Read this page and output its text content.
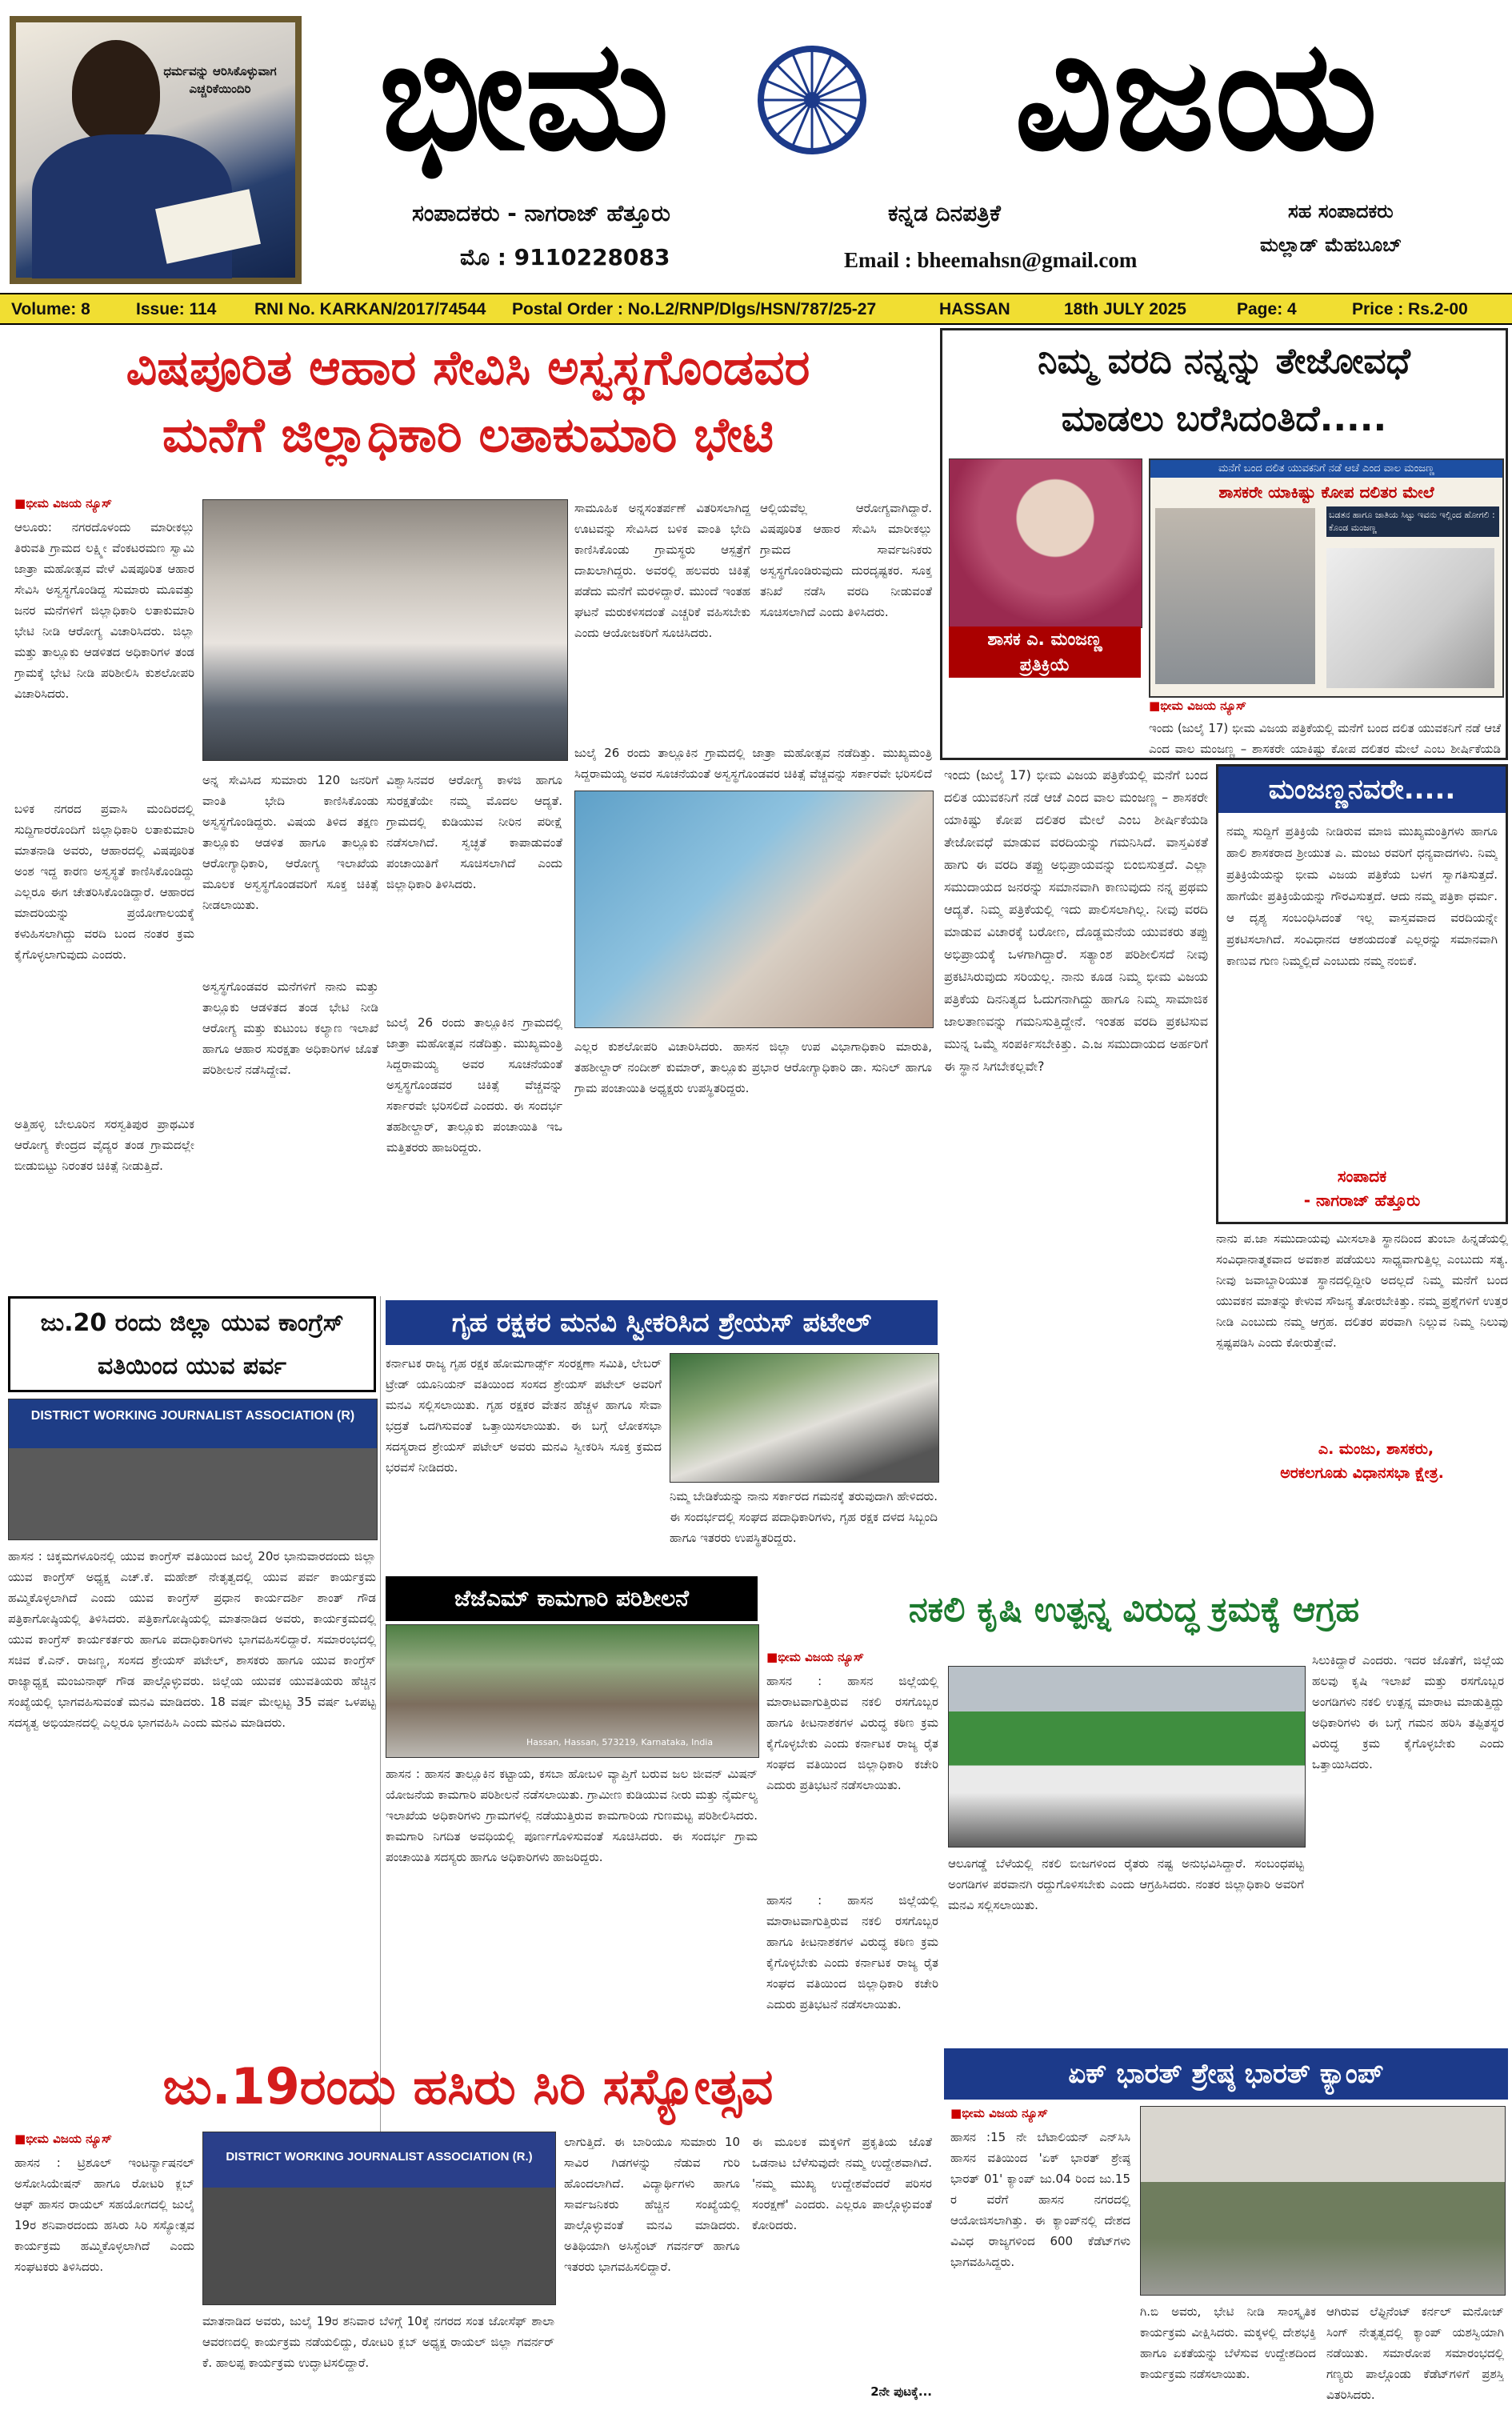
ಧರ್ಮವನ್ನು ಆರಿಸಿಕೊಳ್ಳುವಾಗ ಎಚ್ಚರಿಕೆಯಿಂದಿರಿ ಭೀಮ	ವಿಜಯ
ಸಂಪಾದಕರು - ನಾಗರಾಜ್ ಹೆತ್ತೂರು	ಕನ್ನಡ ದಿನಪತ್ರಿಕೆ	ಸಹ ಸಂಪಾದಕರು
ಮಲ್ಲಾಡ್ ಮೆಹಬೂಬ್
ಮೊ : 9110228083	Email : bheemahsn@gmail.com
Volume: 8	Issue: 114 RNI No. KARKAN/2017/74544 Postal Order : No.L2/RNP/Dlgs/HSN/787/25-27	HASSAN	18th JULY 2025	Page: 4	Price : Rs.2-00
ವಿಷಪೂರಿತ ಆಹಾರ ಸೇವಿಸಿ ಅಸ್ವಸ್ಥಗೊಂಡವರ
ಮನೆಗೆ ಜಿಲ್ಲಾಧಿಕಾರಿ ಲತಾಕುಮಾರಿ ಭೇಟಿ
■ ಭೀಮ ವಿಜಯ ನ್ಯೂಸ್
ಆಲೂರು: ನಗರದೊಳಂದು ಮಾರೀಕಲ್ಲು ತಿರುವತಿ ಗ್ರಾಮದ ಲಕ್ಷ್ಮೀ ವೆಂಕಟರಮಣ ಸ್ವಾಮಿ ಜಾತ್ರಾ ಮಹೋತ್ಸವ ವೇಳೆ ವಿಷಪೂರಿತ ಆಹಾರ ಸೇವಿಸಿ ಅಸ್ವಸ್ಥಗೊಂಡಿದ್ದ ಸುಮಾರು ಮೂವತ್ತು ಜನರ ಮನೆಗಳಿಗೆ ಜಿಲ್ಲಾಧಿಕಾರಿ ಲತಾಕುಮಾರಿ ಭೇಟಿ ನೀಡಿ ಆರೋಗ್ಯ ವಿಚಾರಿಸಿದರು. ಜಿಲ್ಲಾ ಮತ್ತು ತಾಲ್ಲೂಕು ಆಡಳಿತದ ಅಧಿಕಾರಿಗಳ ತಂಡ ಗ್ರಾಮಕ್ಕೆ ಭೇಟಿ ನೀಡಿ ಪರಿಶೀಲಿಸಿ ಕುಶಲೋಪರಿ ವಿಚಾರಿಸಿದರು.
ಬಳಿಕ ನಗರದ ಪ್ರವಾಸಿ ಮಂದಿರದಲ್ಲಿ ಸುದ್ದಿಗಾರರೊಂದಿಗೆ ಜಿಲ್ಲಾಧಿಕಾರಿ ಲತಾಕುಮಾರಿ ಮಾತನಾಡಿ ಅವರು, ಆಹಾರದಲ್ಲಿ ವಿಷಪೂರಿತ ಅಂಶ ಇದ್ದ ಕಾರಣ ಅಸ್ವಸ್ಥತೆ ಕಾಣಿಸಿಕೊಂಡಿದ್ದು ಎಲ್ಲರೂ ಈಗ ಚೇತರಿಸಿಕೊಂಡಿದ್ದಾರೆ. ಆಹಾರದ ಮಾದರಿಯನ್ನು ಪ್ರಯೋಗಾಲಯಕ್ಕೆ ಕಳುಹಿಸಲಾಗಿದ್ದು ವರದಿ ಬಂದ ನಂತರ ಕ್ರಮ ಕೈಗೊಳ್ಳಲಾಗುವುದು ಎಂದರು.
ಅತ್ತಿಹಳ್ಳಿ ಬೇಲೂರಿನ ಸರಸ್ವತಿಪುರ ಪ್ರಾಥಮಿಕ ಆರೋಗ್ಯ ಕೇಂದ್ರದ ವೈದ್ಯರ ತಂಡ ಗ್ರಾಮದಲ್ಲೇ ಬೀಡುಬಿಟ್ಟು ನಿರಂತರ ಚಿಕಿತ್ಸೆ ನೀಡುತ್ತಿದೆ.
ಸಾಮೂಹಿಕ ಅನ್ನಸಂತರ್ಪಣೆ ವಿತರಿಸಲಾಗಿದ್ದ ಊಟವನ್ನು ಸೇವಿಸಿದ ಬಳಿಕ ವಾಂತಿ ಭೇದಿ ಕಾಣಿಸಿಕೊಂಡು ಗ್ರಾಮಸ್ಥರು ಆಸ್ಪತ್ರೆಗೆ ದಾಖಲಾಗಿದ್ದರು. ಅವರಲ್ಲಿ ಹಲವರು ಚಿಕಿತ್ಸೆ ಪಡೆದು ಮನೆಗೆ ಮರಳಿದ್ದಾರೆ. ಮುಂದೆ ಇಂತಹ ಘಟನೆ ಮರುಕಳಿಸದಂತೆ ಎಚ್ಚರಿಕೆ ವಹಿಸಬೇಕು ಎಂದು ಆಯೋಜಕರಿಗೆ ಸೂಚಿಸಿದರು.
ಆಲ್ಲಿಯವೆಲ್ಲ ಆರೋಗ್ಯವಾಗಿದ್ದಾರೆ. ವಿಷಪೂರಿತ ಆಹಾರ ಸೇವಿಸಿ ಮಾರೀಕಲ್ಲು ಗ್ರಾಮದ ಸಾರ್ವಜನಿಕರು ಅಸ್ವಸ್ಥಗೊಂಡಿರುವುದು ದುರದೃಷ್ಟಕರ. ಸೂಕ್ತ ತನಿಖೆ ನಡೆಸಿ ವರದಿ ನೀಡುವಂತೆ ಸೂಚಿಸಲಾಗಿದೆ ಎಂದು ತಿಳಿಸಿದರು.
ಅನ್ನ ಸೇವಿಸಿದ ಸುಮಾರು 120 ಜನರಿಗೆ ವಾಂತಿ ಭೇದಿ ಕಾಣಿಸಿಕೊಂಡು ಅಸ್ವಸ್ಥಗೊಂಡಿದ್ದರು. ವಿಷಯ ತಿಳಿದ ತಕ್ಷಣ ತಾಲ್ಲೂಕು ಆಡಳಿತ ಹಾಗೂ ತಾಲ್ಲೂಕು ಆರೋಗ್ಯಾಧಿಕಾರಿ, ಆರೋಗ್ಯ ಇಲಾಖೆಯ ಮೂಲಕ ಅಸ್ವಸ್ಥಗೊಂಡವರಿಗೆ ಸೂಕ್ತ ಚಿಕಿತ್ಸೆ ನೀಡಲಾಯಿತು.
ಅಸ್ವಸ್ಥಗೊಂಡವರ ಮನೆಗಳಿಗೆ ನಾನು ಮತ್ತು ತಾಲ್ಲೂಕು ಆಡಳಿತದ ತಂಡ ಭೇಟಿ ನೀಡಿ ಆರೋಗ್ಯ ಮತ್ತು ಕುಟುಂಬ ಕಲ್ಯಾಣ ಇಲಾಖೆ ಹಾಗೂ ಆಹಾರ ಸುರಕ್ಷತಾ ಅಧಿಕಾರಿಗಳ ಜೊತೆ ಪರಿಶೀಲನೆ ನಡೆಸಿದ್ದೇವೆ.
ವಿಶ್ವಾಸಿನವರ ಆರೋಗ್ಯ ಕಾಳಜಿ ಹಾಗೂ ಸುರಕ್ಷತೆಯೇ ನಮ್ಮ ಮೊದಲ ಆದ್ಯತೆ. ಗ್ರಾಮದಲ್ಲಿ ಕುಡಿಯುವ ನೀರಿನ ಪರೀಕ್ಷೆ ನಡೆಸಲಾಗಿದೆ. ಸ್ವಚ್ಛತೆ ಕಾಪಾಡುವಂತೆ ಪಂಚಾಯಿತಿಗೆ ಸೂಚಿಸಲಾಗಿದೆ ಎಂದು ಜಿಲ್ಲಾಧಿಕಾರಿ ತಿಳಿಸಿದರು.
ಜುಲೈ 26 ರಂದು ತಾಲ್ಲೂಕಿನ ಗ್ರಾಮದಲ್ಲಿ ಜಾತ್ರಾ ಮಹೋತ್ಸವ ನಡೆದಿತ್ತು. ಮುಖ್ಯಮಂತ್ರಿ ಸಿದ್ದರಾಮಯ್ಯ ಅವರ ಸೂಚನೆಯಂತೆ ಅಸ್ವಸ್ಥಗೊಂಡವರ ಚಿಕಿತ್ಸೆ ವೆಚ್ಚವನ್ನು ಸರ್ಕಾರವೇ ಭರಿಸಲಿದೆ ಎಂದರು. ಈ ಸಂದರ್ಭ ತಹಶೀಲ್ದಾರ್, ತಾಲ್ಲೂಕು ಪಂಚಾಯಿತಿ ಇಒ ಮತ್ತಿತರರು ಹಾಜರಿದ್ದರು.
ಜುಲೈ 26 ರಂದು ತಾಲ್ಲೂಕಿನ ಗ್ರಾಮದಲ್ಲಿ ಜಾತ್ರಾ ಮಹೋತ್ಸವ ನಡೆದಿತ್ತು. ಮುಖ್ಯಮಂತ್ರಿ ಸಿದ್ದರಾಮಯ್ಯ ಅವರ ಸೂಚನೆಯಂತೆ ಅಸ್ವಸ್ಥಗೊಂಡವರ ಚಿಕಿತ್ಸೆ ವೆಚ್ಚವನ್ನು ಸರ್ಕಾರವೇ ಭರಿಸಲಿದೆ
ಎಲ್ಲರ ಕುಶಲೋಪರಿ ವಿಚಾರಿಸಿದರು. ಹಾಸನ ಜಿಲ್ಲಾ ಉಪ ವಿಭಾಗಾಧಿಕಾರಿ ಮಾರುತಿ, ತಹಶೀಲ್ದಾರ್ ನಂದೀಶ್ ಕುಮಾರ್, ತಾಲ್ಲೂಕು ಪ್ರಭಾರ ಆರೋಗ್ಯಾಧಿಕಾರಿ ಡಾ. ಸುನಿಲ್ ಹಾಗೂ ಗ್ರಾಮ ಪಂಚಾಯಿತಿ ಅಧ್ಯಕ್ಷರು ಉಪಸ್ಥಿತರಿದ್ದರು.
ನಿಮ್ಮ ವರದಿ ನನ್ನನ್ನು ತೇಜೋವಧೆ
ಮಾಡಲು ಬರೆಸಿದಂತಿದೆ.....
ಶಾಸಕ ಎ. ಮಂಜಣ್ಣ
ಪ್ರತಿಕ್ರಿಯೆ
ಮನೆಗೆ ಬಂದ ದಲಿತ ಯುವಕನಿಗೆ ನಡೆ ಆಚೆ ಎಂದ ವಾಲ ಮಂಜಣ್ಣ
ಶಾಸಕರೇ ಯಾಕಿಷ್ಟು ಕೋಪ ದಲಿತರ ಮೇಲೆ
ಬಡತನ ಹಾಗೂ ಜಾತಿಯ ಸಿಟ್ಟು ಇವನು ಇಲ್ಲಿಂದ ಹೋಗಲಿ : ಕೊಂಡ ಮಂಜಣ್ಣ
■ ಭೀಮ ವಿಜಯ ನ್ಯೂಸ್
ಇಂದು (ಜುಲೈ 17) ಭೀಮ ವಿಜಯ ಪತ್ರಿಕೆಯಲ್ಲಿ ಮನೆಗೆ ಬಂದ ದಲಿತ ಯುವಕನಿಗೆ ನಡೆ ಆಚೆ ಎಂದ ವಾಲ ಮಂಜಣ್ಣ – ಶಾಸಕರೇ ಯಾಕಿಷ್ಟು ಕೋಪ ದಲಿತರ ಮೇಲೆ ಎಂಬ ಶೀರ್ಷಿಕೆಯಡಿ
ಇಂದು (ಜುಲೈ 17) ಭೀಮ ವಿಜಯ ಪತ್ರಿಕೆಯಲ್ಲಿ ಮನೆಗೆ ಬಂದ ದಲಿತ ಯುವಕನಿಗೆ ನಡೆ ಆಚೆ ಎಂದ ವಾಲ ಮಂಜಣ್ಣ – ಶಾಸಕರೇ ಯಾಕಿಷ್ಟು ಕೋಪ ದಲಿತರ ಮೇಲೆ ಎಂಬ ಶೀರ್ಷಿಕೆಯಡಿ ತೇಜೋವಧೆ ಮಾಡುವ ವರದಿಯನ್ನು ಗಮನಿಸಿದೆ. ವಾಸ್ತವಿಕತೆ ಹಾಗು ಈ ವರದಿ ತಪ್ಪು ಅಭಿಪ್ರಾಯವನ್ನು ಬಿಂಬಿಸುತ್ತದೆ. ಎಲ್ಲಾ ಸಮುದಾಯದ ಜನರನ್ನು ಸಮಾನವಾಗಿ ಕಾಣುವುದು ನನ್ನ ಪ್ರಥಮ ಆದ್ಯತೆ. ನಿಮ್ಮ ಪತ್ರಿಕೆಯಲ್ಲಿ ಇದು ಪಾಲಿಸಲಾಗಿಲ್ಲ. ನೀವು ವರದಿ ಮಾಡುವ ವಿಚಾರಕ್ಕೆ ಬರೋಣ, ದೊಡ್ಡಮನೆಯ ಯುವಕರು ತಪ್ಪು ಅಭಿಪ್ರಾಯಕ್ಕೆ ಒಳಗಾಗಿದ್ದಾರೆ. ಸತ್ಯಾಂಶ ಪರಿಶೀಲಿಸದೆ ನೀವು ಪ್ರಕಟಿಸಿರುವುದು ಸರಿಯಲ್ಲ. ನಾನು ಕೂಡ ನಿಮ್ಮ ಭೀಮ ವಿಜಯ ಪತ್ರಿಕೆಯ ದಿನನಿತ್ಯದ ಓದುಗನಾಗಿದ್ದು ಹಾಗೂ ನಿಮ್ಮ ಸಾಮಾಜಿಕ ಜಾಲತಾಣವನ್ನು ಗಮನಿಸುತ್ತಿದ್ದೇನೆ. ಇಂತಹ ವರದಿ ಪ್ರಕಟಿಸುವ ಮುನ್ನ ಒಮ್ಮೆ ಸಂಪರ್ಕಿಸಬೇಕಿತ್ತು. ಎ.ಜ ಸಮುದಾಯದ ಅರ್ಹರಿಗೆ ಈ ಸ್ಥಾನ ಸಿಗಬೇಕಲ್ಲವೇ?
ಮಂಜಣ್ಣನವರೇ.....
ನಮ್ಮ ಸುದ್ದಿಗೆ ಪ್ರತಿಕ್ರಿಯೆ ನೀಡಿರುವ ಮಾಜಿ ಮುಖ್ಯಮಂತ್ರಿಗಳು ಹಾಗೂ ಹಾಲಿ ಶಾಸಕರಾದ ಶ್ರೀಯುತ ಎ. ಮಂಜು ರವರಿಗೆ ಧನ್ಯವಾದಗಳು. ನಿಮ್ಮ ಪ್ರತಿಕ್ರಿಯೆಯನ್ನು ಭೀಮ ವಿಜಯ ಪತ್ರಿಕೆಯ ಬಳಗ ಸ್ವಾಗತಿಸುತ್ತದೆ. ಹಾಗೆಯೇ ಪ್ರತಿಕ್ರಿಯೆಯನ್ನು ಗೌರವಿಸುತ್ತದೆ. ಆದು ನಮ್ಮ ಪತ್ರಿಕಾ ಧರ್ಮ. ಆ ದೃಶ್ಯ ಸಂಬಂಧಿಸಿದಂತೆ ಇಲ್ಲ ವಾಸ್ತವವಾದ ವರದಿಯನ್ನೇ ಪ್ರಕಟಿಸಲಾಗಿದೆ. ಸಂವಿಧಾನದ ಆಶಯದಂತೆ ಎಲ್ಲರನ್ನು ಸಮಾನವಾಗಿ ಕಾಣುವ ಗುಣ ನಿಮ್ಮಲ್ಲಿದೆ ಎಂಬುದು ನಮ್ಮ ನಂಬಿಕೆ.
ಸಂಪಾದಕ
- ನಾಗರಾಜ್ ಹೆತ್ತೂರು
ನಾನು ಪ.ಜಾ ಸಮುದಾಯವು ಮೀಸಲಾತಿ ಸ್ಥಾನದಿಂದ ತುಂಬಾ ಹಿನ್ನಡೆಯಲ್ಲಿ ಸಂವಿಧಾನಾತ್ಮಕವಾದ ಅವಕಾಶ ಪಡೆಯಲು ಸಾಧ್ಯವಾಗುತ್ತಿಲ್ಲ ಎಂಬುದು ಸತ್ಯ. ನೀವು ಜವಾಬ್ದಾರಿಯುತ ಸ್ಥಾನದಲ್ಲಿದ್ದೀರಿ ಅದಲ್ಲದೆ ನಿಮ್ಮ ಮನೆಗೆ ಬಂದ ಯುವಕನ ಮಾತನ್ನು ಕೇಳುವ ಸೌಜನ್ಯ ತೋರಬೇಕಿತ್ತು. ನಮ್ಮ ಪ್ರಶ್ನೆಗಳಿಗೆ ಉತ್ತರ ನೀಡಿ ಎಂಬುದು ನಮ್ಮ ಆಗ್ರಹ. ದಲಿತರ ಪರವಾಗಿ ನಿಲ್ಲುವ ನಿಮ್ಮ ನಿಲುವು ಸ್ಪಷ್ಟಪಡಿಸಿ ಎಂದು ಕೋರುತ್ತೇವೆ.
ಎ. ಮಂಜು, ಶಾಸಕರು,
ಅರಕಲಗೂಡು ವಿಧಾನಸಭಾ ಕ್ಷೇತ್ರ.
ಜು.20 ರಂದು ಜಿಲ್ಲಾ ಯುವ ಕಾಂಗ್ರೆಸ್
ವತಿಯಿಂದ ಯುವ ಪರ್ವ
DISTRICT WORKING JOURNALIST ASSOCIATION (R)
ಹಾಸನ : ಚಿಕ್ಕಮಗಳೂರಿನಲ್ಲಿ ಯುವ ಕಾಂಗ್ರೆಸ್ ವತಿಯಿಂದ ಜುಲೈ 20ರ ಭಾನುವಾರದಂದು ಜಿಲ್ಲಾ ಯುವ ಕಾಂಗ್ರೆಸ್ ಅಧ್ಯಕ್ಷ ಎಚ್.ಕೆ. ಮಹೇಶ್ ನೇತೃತ್ವದಲ್ಲಿ ಯುವ ಪರ್ವ ಕಾರ್ಯಕ್ರಮ ಹಮ್ಮಿಕೊಳ್ಳಲಾಗಿದೆ ಎಂದು ಯುವ ಕಾಂಗ್ರೆಸ್ ಪ್ರಧಾನ ಕಾರ್ಯದರ್ಶಿ ಶಾಂತ್ ಗೌಡ ಪತ್ರಿಕಾಗೋಷ್ಠಿಯಲ್ಲಿ ತಿಳಿಸಿದರು. ಪತ್ರಿಕಾಗೋಷ್ಠಿಯಲ್ಲಿ ಮಾತನಾಡಿದ ಅವರು, ಕಾರ್ಯಕ್ರಮದಲ್ಲಿ ಯುವ ಕಾಂಗ್ರೆಸ್ ಕಾರ್ಯಕರ್ತರು ಹಾಗೂ ಪದಾಧಿಕಾರಿಗಳು ಭಾಗವಹಿಸಲಿದ್ದಾರೆ. ಸಮಾರಂಭದಲ್ಲಿ ಸಚಿವ ಕೆ.ಎನ್. ರಾಜಣ್ಣ, ಸಂಸದ ಶ್ರೇಯಸ್ ಪಟೇಲ್, ಶಾಸಕರು ಹಾಗೂ ಯುವ ಕಾಂಗ್ರೆಸ್ ರಾಜ್ಯಾಧ್ಯಕ್ಷ ಮಂಜುನಾಥ್ ಗೌಡ ಪಾಲ್ಗೊಳ್ಳುವರು. ಜಿಲ್ಲೆಯ ಯುವಕ ಯುವತಿಯರು ಹೆಚ್ಚಿನ ಸಂಖ್ಯೆಯಲ್ಲಿ ಭಾಗವಹಿಸುವಂತೆ ಮನವಿ ಮಾಡಿದರು. 18 ವರ್ಷ ಮೇಲ್ಪಟ್ಟ 35 ವರ್ಷ ಒಳಪಟ್ಟ ಸದಸ್ಯತ್ವ ಅಭಿಯಾನದಲ್ಲಿ ಎಲ್ಲರೂ ಭಾಗವಹಿಸಿ ಎಂದು ಮನವಿ ಮಾಡಿದರು.
ಗೃಹ ರಕ್ಷಕರ ಮನವಿ ಸ್ವೀಕರಿಸಿದ ಶ್ರೇಯಸ್ ಪಟೇಲ್
ಕರ್ನಾಟಕ ರಾಜ್ಯ ಗೃಹ ರಕ್ಷಕ ಹೋಮಗಾರ್ಡ್ಸ್ ಸಂರಕ್ಷಣಾ ಸಮಿತಿ, ಲೇಬರ್ ಟ್ರೇಡ್ ಯೂನಿಯನ್ ವತಿಯಿಂದ ಸಂಸದ ಶ್ರೇಯಸ್ ಪಟೇಲ್ ಅವರಿಗೆ ಮನವಿ ಸಲ್ಲಿಸಲಾಯಿತು. ಗೃಹ ರಕ್ಷಕರ ವೇತನ ಹೆಚ್ಚಳ ಹಾಗೂ ಸೇವಾ ಭದ್ರತೆ ಒದಗಿಸುವಂತೆ ಒತ್ತಾಯಿಸಲಾಯಿತು. ಈ ಬಗ್ಗೆ ಲೋಕಸಭಾ ಸದಸ್ಯರಾದ ಶ್ರೇಯಸ್ ಪಟೇಲ್ ಅವರು ಮನವಿ ಸ್ವೀಕರಿಸಿ ಸೂಕ್ತ ಕ್ರಮದ ಭರವಸೆ ನೀಡಿದರು.
ನಿಮ್ಮ ಬೇಡಿಕೆಯನ್ನು ನಾನು ಸರ್ಕಾರದ ಗಮನಕ್ಕೆ ತರುವುದಾಗಿ ಹೇಳಿದರು. ಈ ಸಂದರ್ಭದಲ್ಲಿ ಸಂಘದ ಪದಾಧಿಕಾರಿಗಳು, ಗೃಹ ರಕ್ಷಕ ದಳದ ಸಿಬ್ಬಂದಿ ಹಾಗೂ ಇತರರು ಉಪಸ್ಥಿತರಿದ್ದರು.
ಜೆಜೆಎಮ್ ಕಾಮಗಾರಿ ಪರಿಶೀಲನೆ
Hassan, Hassan, 573219, Karnataka, India
ಹಾಸನ : ಹಾಸನ ತಾಲ್ಲೂಕಿನ ಕಟ್ಟಾಯ, ಕಸಬಾ ಹೋಬಳಿ ವ್ಯಾಪ್ತಿಗೆ ಬರುವ ಜಲ ಜೀವನ್ ಮಿಷನ್ ಯೋಜನೆಯ ಕಾಮಗಾರಿ ಪರಿಶೀಲನೆ ನಡೆಸಲಾಯಿತು. ಗ್ರಾಮೀಣ ಕುಡಿಯುವ ನೀರು ಮತ್ತು ನೈರ್ಮಲ್ಯ ಇಲಾಖೆಯ ಅಧಿಕಾರಿಗಳು ಗ್ರಾಮಗಳಲ್ಲಿ ನಡೆಯುತ್ತಿರುವ ಕಾಮಗಾರಿಯ ಗುಣಮಟ್ಟ ಪರಿಶೀಲಿಸಿದರು. ಕಾಮಗಾರಿ ನಿಗದಿತ ಅವಧಿಯಲ್ಲಿ ಪೂರ್ಣಗೊಳಿಸುವಂತೆ ಸೂಚಿಸಿದರು. ಈ ಸಂದರ್ಭ ಗ್ರಾಮ ಪಂಚಾಯಿತಿ ಸದಸ್ಯರು ಹಾಗೂ ಅಧಿಕಾರಿಗಳು ಹಾಜರಿದ್ದರು.
ನಕಲಿ ಕೃಷಿ ಉತ್ಪನ್ನ ವಿರುದ್ಧ ಕ್ರಮಕ್ಕೆ ಆಗ್ರಹ
■ ಭೀಮ ವಿಜಯ ನ್ಯೂಸ್
ಹಾಸನ : ಹಾಸನ ಜಿಲ್ಲೆಯಲ್ಲಿ ಮಾರಾಟವಾಗುತ್ತಿರುವ ನಕಲಿ ರಸಗೊಬ್ಬರ ಹಾಗೂ ಕೀಟನಾಶಕಗಳ ವಿರುದ್ಧ ಕಠಿಣ ಕ್ರಮ ಕೈಗೊಳ್ಳಬೇಕು ಎಂದು ಕರ್ನಾಟಕ ರಾಜ್ಯ ರೈತ ಸಂಘದ ವತಿಯಿಂದ ಜಿಲ್ಲಾಧಿಕಾರಿ ಕಚೇರಿ ಎದುರು ಪ್ರತಿಭಟನೆ ನಡೆಸಲಾಯಿತು.
ಆಲೂಗಡ್ಡೆ ಬೆಳೆಯಲ್ಲಿ ನಕಲಿ ಬೀಜಗಳಿಂದ ರೈತರು ನಷ್ಟ ಅನುಭವಿಸಿದ್ದಾರೆ. ಸಂಬಂಧಪಟ್ಟ ಅಂಗಡಿಗಳ ಪರವಾನಗಿ ರದ್ದುಗೊಳಿಸಬೇಕು ಎಂದು ಆಗ್ರಹಿಸಿದರು. ನಂತರ ಜಿಲ್ಲಾಧಿಕಾರಿ ಅವರಿಗೆ ಮನವಿ ಸಲ್ಲಿಸಲಾಯಿತು.
ಹಾಸನ : ಹಾಸನ ಜಿಲ್ಲೆಯಲ್ಲಿ ಮಾರಾಟವಾಗುತ್ತಿರುವ ನಕಲಿ ರಸಗೊಬ್ಬರ ಹಾಗೂ ಕೀಟನಾಶಕಗಳ ವಿರುದ್ಧ ಕಠಿಣ ಕ್ರಮ ಕೈಗೊಳ್ಳಬೇಕು ಎಂದು ಕರ್ನಾಟಕ ರಾಜ್ಯ ರೈತ ಸಂಘದ ವತಿಯಿಂದ ಜಿಲ್ಲಾಧಿಕಾರಿ ಕಚೇರಿ ಎದುರು ಪ್ರತಿಭಟನೆ ನಡೆಸಲಾಯಿತು.
ಸಿಲುಕಿದ್ದಾರೆ ಎಂದರು. ಇದರ ಜೊತೆಗೆ, ಜಿಲ್ಲೆಯ ಹಲವು ಕೃಷಿ ಇಲಾಖೆ ಮತ್ತು ರಸಗೊಬ್ಬರ ಅಂಗಡಿಗಳು ನಕಲಿ ಉತ್ಪನ್ನ ಮಾರಾಟ ಮಾಡುತ್ತಿದ್ದು ಅಧಿಕಾರಿಗಳು ಈ ಬಗ್ಗೆ ಗಮನ ಹರಿಸಿ ತಪ್ಪಿತಸ್ಥರ ವಿರುದ್ಧ ಕ್ರಮ ಕೈಗೊಳ್ಳಬೇಕು ಎಂದು ಒತ್ತಾಯಿಸಿದರು.
ಜು.19ರಂದು ಹಸಿರು ಸಿರಿ ಸಸ್ಯೋತ್ಸವ
■ ಭೀಮ ವಿಜಯ ನ್ಯೂಸ್
ಹಾಸನ : ಟ್ರಿಶೂಲ್ ಇಂಟರ್ನ್ಯಾಷನಲ್ ಅಸೋಸಿಯೇಷನ್ ಹಾಗೂ ರೋಟರಿ ಕ್ಲಬ್ ಆಫ್ ಹಾಸನ ರಾಯಲ್ ಸಹಯೋಗದಲ್ಲಿ ಜುಲೈ 19ರ ಶನಿವಾರದಂದು ಹಸಿರು ಸಿರಿ ಸಸ್ಯೋತ್ಸವ ಕಾರ್ಯಕ್ರಮ ಹಮ್ಮಿಕೊಳ್ಳಲಾಗಿದೆ ಎಂದು ಸಂಘಟಕರು ತಿಳಿಸಿದರು.
DISTRICT WORKING JOURNALIST ASSOCIATION (R.)
ಮಾತನಾಡಿದ ಅವರು, ಜುಲೈ 19ರ ಶನಿವಾರ ಬೆಳಿಗ್ಗೆ 10ಕ್ಕೆ ನಗರದ ಸಂತ ಜೋಸೆಫ್ ಶಾಲಾ ಆವರಣದಲ್ಲಿ ಕಾರ್ಯಕ್ರಮ ನಡೆಯಲಿದ್ದು, ರೋಟರಿ ಕ್ಲಬ್ ಅಧ್ಯಕ್ಷ ರಾಯಲ್ ಜಿಲ್ಲಾ ಗವರ್ನರ್ ಕೆ. ಹಾಲಪ್ಪ ಕಾರ್ಯಕ್ರಮ ಉದ್ಘಾಟಿಸಲಿದ್ದಾರೆ.
ಲಾಗುತ್ತಿದೆ. ಈ ಬಾರಿಯೂ ಸುಮಾರು 10 ಸಾವಿರ ಗಿಡಗಳನ್ನು ನೆಡುವ ಗುರಿ ಹೊಂದಲಾಗಿದೆ. ವಿದ್ಯಾರ್ಥಿಗಳು ಹಾಗೂ ಸಾರ್ವಜನಿಕರು ಹೆಚ್ಚಿನ ಸಂಖ್ಯೆಯಲ್ಲಿ ಪಾಲ್ಗೊಳ್ಳುವಂತೆ ಮನವಿ ಮಾಡಿದರು. ಅತಿಥಿಯಾಗಿ ಅಸಿಸ್ಟೆಂಟ್ ಗವರ್ನರ್ ಹಾಗೂ ಇತರರು ಭಾಗವಹಿಸಲಿದ್ದಾರೆ.
ಈ ಮೂಲಕ ಮಕ್ಕಳಿಗೆ ಪ್ರಕೃತಿಯ ಜೊತೆ ಒಡನಾಟ ಬೆಳೆಸುವುದೇ ನಮ್ಮ ಉದ್ದೇಶವಾಗಿದೆ. 'ನಮ್ಮ ಮುಖ್ಯ ಉದ್ದೇಶವೆಂದರೆ ಪರಿಸರ ಸಂರಕ್ಷಣೆ' ಎಂದರು. ಎಲ್ಲರೂ ಪಾಲ್ಗೊಳ್ಳುವಂತೆ ಕೋರಿದರು.
2ನೇ ಪುಟಕ್ಕೆ...
ಏಕ್ ಭಾರತ್ ಶ್ರೇಷ್ಠ ಭಾರತ್ ಕ್ಯಾಂಪ್
■ ಭೀಮ ವಿಜಯ ನ್ಯೂಸ್
ಹಾಸನ :15 ನೇ ಬೆಟಾಲಿಯನ್ ಎನ್‌ಸಿಸಿ ಹಾಸನ ವತಿಯಿಂದ 'ಏಕ್ ಭಾರತ್ ಶ್ರೇಷ್ಠ ಭಾರತ್ 01' ಕ್ಯಾಂಪ್ ಜು.04 ರಿಂದ ಜು.15 ರ ವರೆಗೆ ಹಾಸನ ನಗರದಲ್ಲಿ ಆಯೋಜಿಸಲಾಗಿತ್ತು. ಈ ಕ್ಯಾಂಪ್‌ನಲ್ಲಿ ದೇಶದ ವಿವಿಧ ರಾಜ್ಯಗಳಿಂದ 600 ಕೆಡೆಟ್‌ಗಳು ಭಾಗವಹಿಸಿದ್ದರು.
ಗಿ.ಬಿ ಅವರು, ಭೇಟಿ ನೀಡಿ ಸಾಂಸ್ಕೃತಿಕ ಕಾರ್ಯಕ್ರಮ ವೀಕ್ಷಿಸಿದರು. ಮಕ್ಕಳಲ್ಲಿ ದೇಶಭಕ್ತಿ ಹಾಗೂ ಏಕತೆಯನ್ನು ಬೆಳೆಸುವ ಉದ್ದೇಶದಿಂದ ಕಾರ್ಯಕ್ರಮ ನಡೆಸಲಾಯಿತು.
ಆಗಿರುವ ಲೆಫ್ಟಿನೆಂಟ್ ಕರ್ನಲ್ ಮನೋಜ್ ಸಿಂಗ್ ನೇತೃತ್ವದಲ್ಲಿ ಕ್ಯಾಂಪ್ ಯಶಸ್ವಿಯಾಗಿ ನಡೆಯಿತು. ಸಮಾರೋಪ ಸಮಾರಂಭದಲ್ಲಿ ಗಣ್ಯರು ಪಾಲ್ಗೊಂಡು ಕೆಡೆಟ್‌ಗಳಿಗೆ ಪ್ರಶಸ್ತಿ ವಿತರಿಸಿದರು.
